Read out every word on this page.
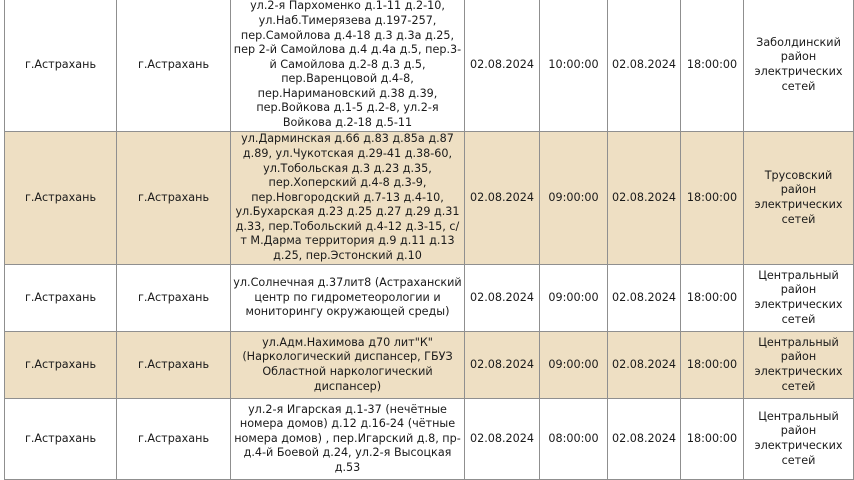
г.Астрахань	г.Астрахань	ул.2-я Пархоменко д.1-11 д.2-10, ул.Наб.Тимерязева д.197-257, пер.Самойлова д.4-18 д.3 д.3а д.25, пер 2-й Самойлова д.4 д.4а д.5, пер.3-й Самойлова д.2-8 д.3 д.5, пер.Варенцовой д.4-8, пер.Наримановский д.38 д.39, пер.Войкова д.1-5 д.2-8, ул.2-я Войкова д.2-18 д.5-11	02.08.2024	10:00:00	02.08.2024	18:00:00	Заболдинский район электрических сетей
г.Астрахань	г.Астрахань	ул.Дарминская д.66 д.83 д.85а д.87 д.89, ул.Чукотская д.29-41 д.38-60, ул.Тобольская д.3 д.23 д.35, пер.Хоперский д.4-8 д.3-9, пер.Новгородский д.7-13 д.4-10, ул.Бухарская д.23 д.25 д.27 д.29 д.31 д.33, пер.Тобольский д.4-12 д.3-15, с/т М.Дарма территория д.9 д.11 д.13 д.25, пер.Эстонский д.10	02.08.2024	09:00:00	02.08.2024	18:00:00	Трусовский район электрических сетей
г.Астрахань	г.Астрахань	ул.Солнечная д.37лит8 (Астраханский центр по гидрометеорологии и мониторингу окружающей среды)	02.08.2024	09:00:00	02.08.2024	18:00:00	Центральный район электрических сетей
г.Астрахань	г.Астрахань	ул.Адм.Нахимова д70 лит"К" (Наркологический диспансер, ГБУЗ Областной наркологический диспансер)	02.08.2024	09:00:00	02.08.2024	18:00:00	Центральный район электрических сетей
г.Астрахань	г.Астрахань	ул.2-я Игарская д.1-37 (нечётные номера домов) д.12 д.16-24 (чётные номера домов) , пер.Игарский д.8, пр-д.4-й Боевой д.24, ул.2-я Высоцкая д.53	02.08.2024	08:00:00	02.08.2024	18:00:00	Центральный район электрических сетей
